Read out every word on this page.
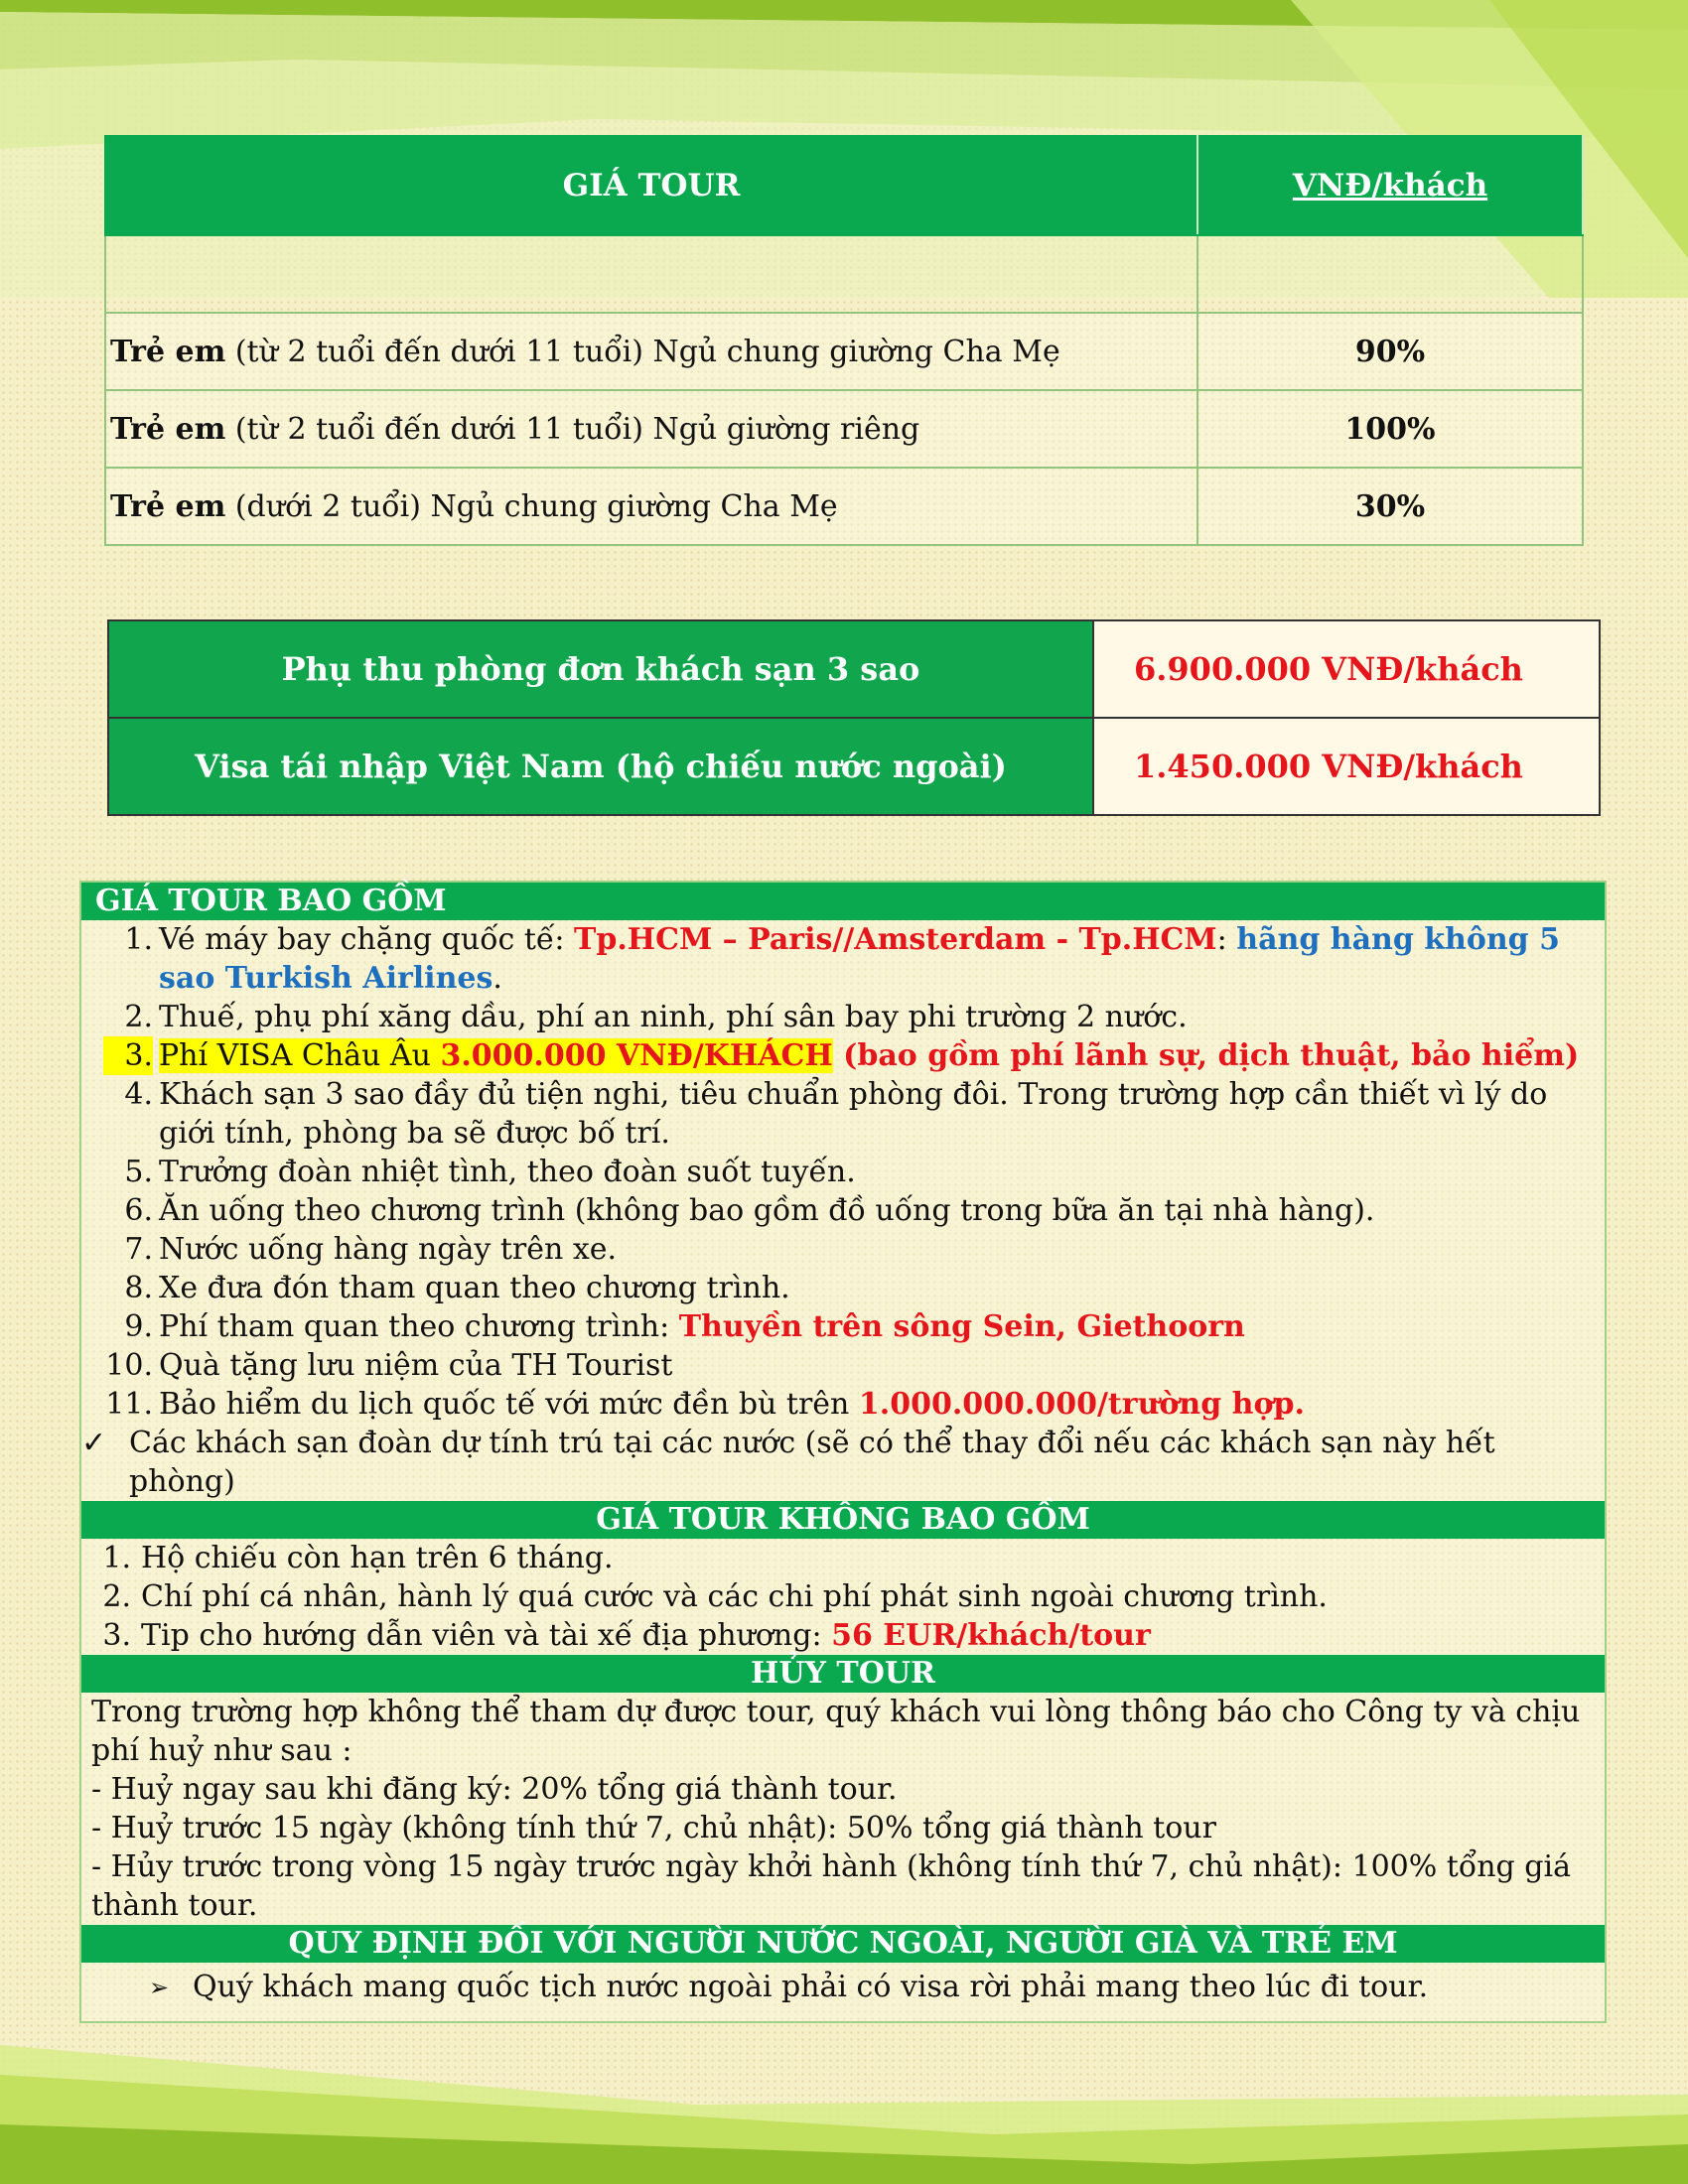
GIÁ TOUR	VNĐ/khách

Trẻ em (từ 2 tuổi đến dưới 11 tuổi) Ngủ chung giường Cha Mẹ	90%
Trẻ em (từ 2 tuổi đến dưới 11 tuổi) Ngủ giường riêng	100%
Trẻ em (dưới 2 tuổi) Ngủ chung giường Cha Mẹ	30%
Phụ thu phòng đơn khách sạn 3 sao	6.900.000 VNĐ/khách
Visa tái nhập Việt Nam (hộ chiếu nước ngoài)	1.450.000 VNĐ/khách
GIÁ TOUR BAO GỒM
1. Vé máy bay chặng quốc tế: Tp.HCM – Paris//Amsterdam - Tp.HCM: hãng hàng không 5 sao Turkish Airlines.
2. Thuế, phụ phí xăng dầu, phí an ninh, phí sân bay phi trường 2 nước.
3. Phí VISA Châu Âu 3.000.000 VNĐ/KHÁCH (bao gồm phí lãnh sự, dịch thuật, bảo hiểm)
4. Khách sạn 3 sao đầy đủ tiện nghi, tiêu chuẩn phòng đôi. Trong trường hợp cần thiết vì lý do giới tính, phòng ba sẽ được bố trí.
5. Trưởng đoàn nhiệt tình, theo đoàn suốt tuyến.
6. Ăn uống theo chương trình (không bao gồm đồ uống trong bữa ăn tại nhà hàng).
7. Nước uống hàng ngày trên xe.
8. Xe đưa đón tham quan theo chương trình.
9. Phí tham quan theo chương trình: Thuyền trên sông Sein, Giethoorn
10. Quà tặng lưu niệm của TH Tourist
11. Bảo hiểm du lịch quốc tế với mức đền bù trên 1.000.000.000/trường hợp.
✓ Các khách sạn đoàn dự tính trú tại các nước (sẽ có thể thay đổi nếu các khách sạn này hết phòng)
GIÁ TOUR KHÔNG BAO GỒM
1. Hộ chiếu còn hạn trên 6 tháng.
2. Chí phí cá nhân, hành lý quá cước và các chi phí phát sinh ngoài chương trình.
3. Tip cho hướng dẫn viên và tài xế địa phương: 56 EUR/khách/tour
HỦY TOUR

Trong trường hợp không thể tham dự được tour, quý khách vui lòng thông báo cho Công ty và chịu phí huỷ như sau :

- Huỷ ngay sau khi đăng ký: 20% tổng giá thành tour.

- Huỷ trước 15 ngày (không tính thứ 7, chủ nhật): 50% tổng giá thành tour

- Hủy trước trong vòng 15 ngày trước ngày khởi hành (không tính thứ 7, chủ nhật): 100% tổng giá thành tour.

QUY ĐỊNH ĐỐI VỚI NGƯỜI NƯỚC NGOÀI, NGƯỜI GIÀ VÀ TRẺ EM
➢ Quý khách mang quốc tịch nước ngoài phải có visa rời phải mang theo lúc đi tour.
